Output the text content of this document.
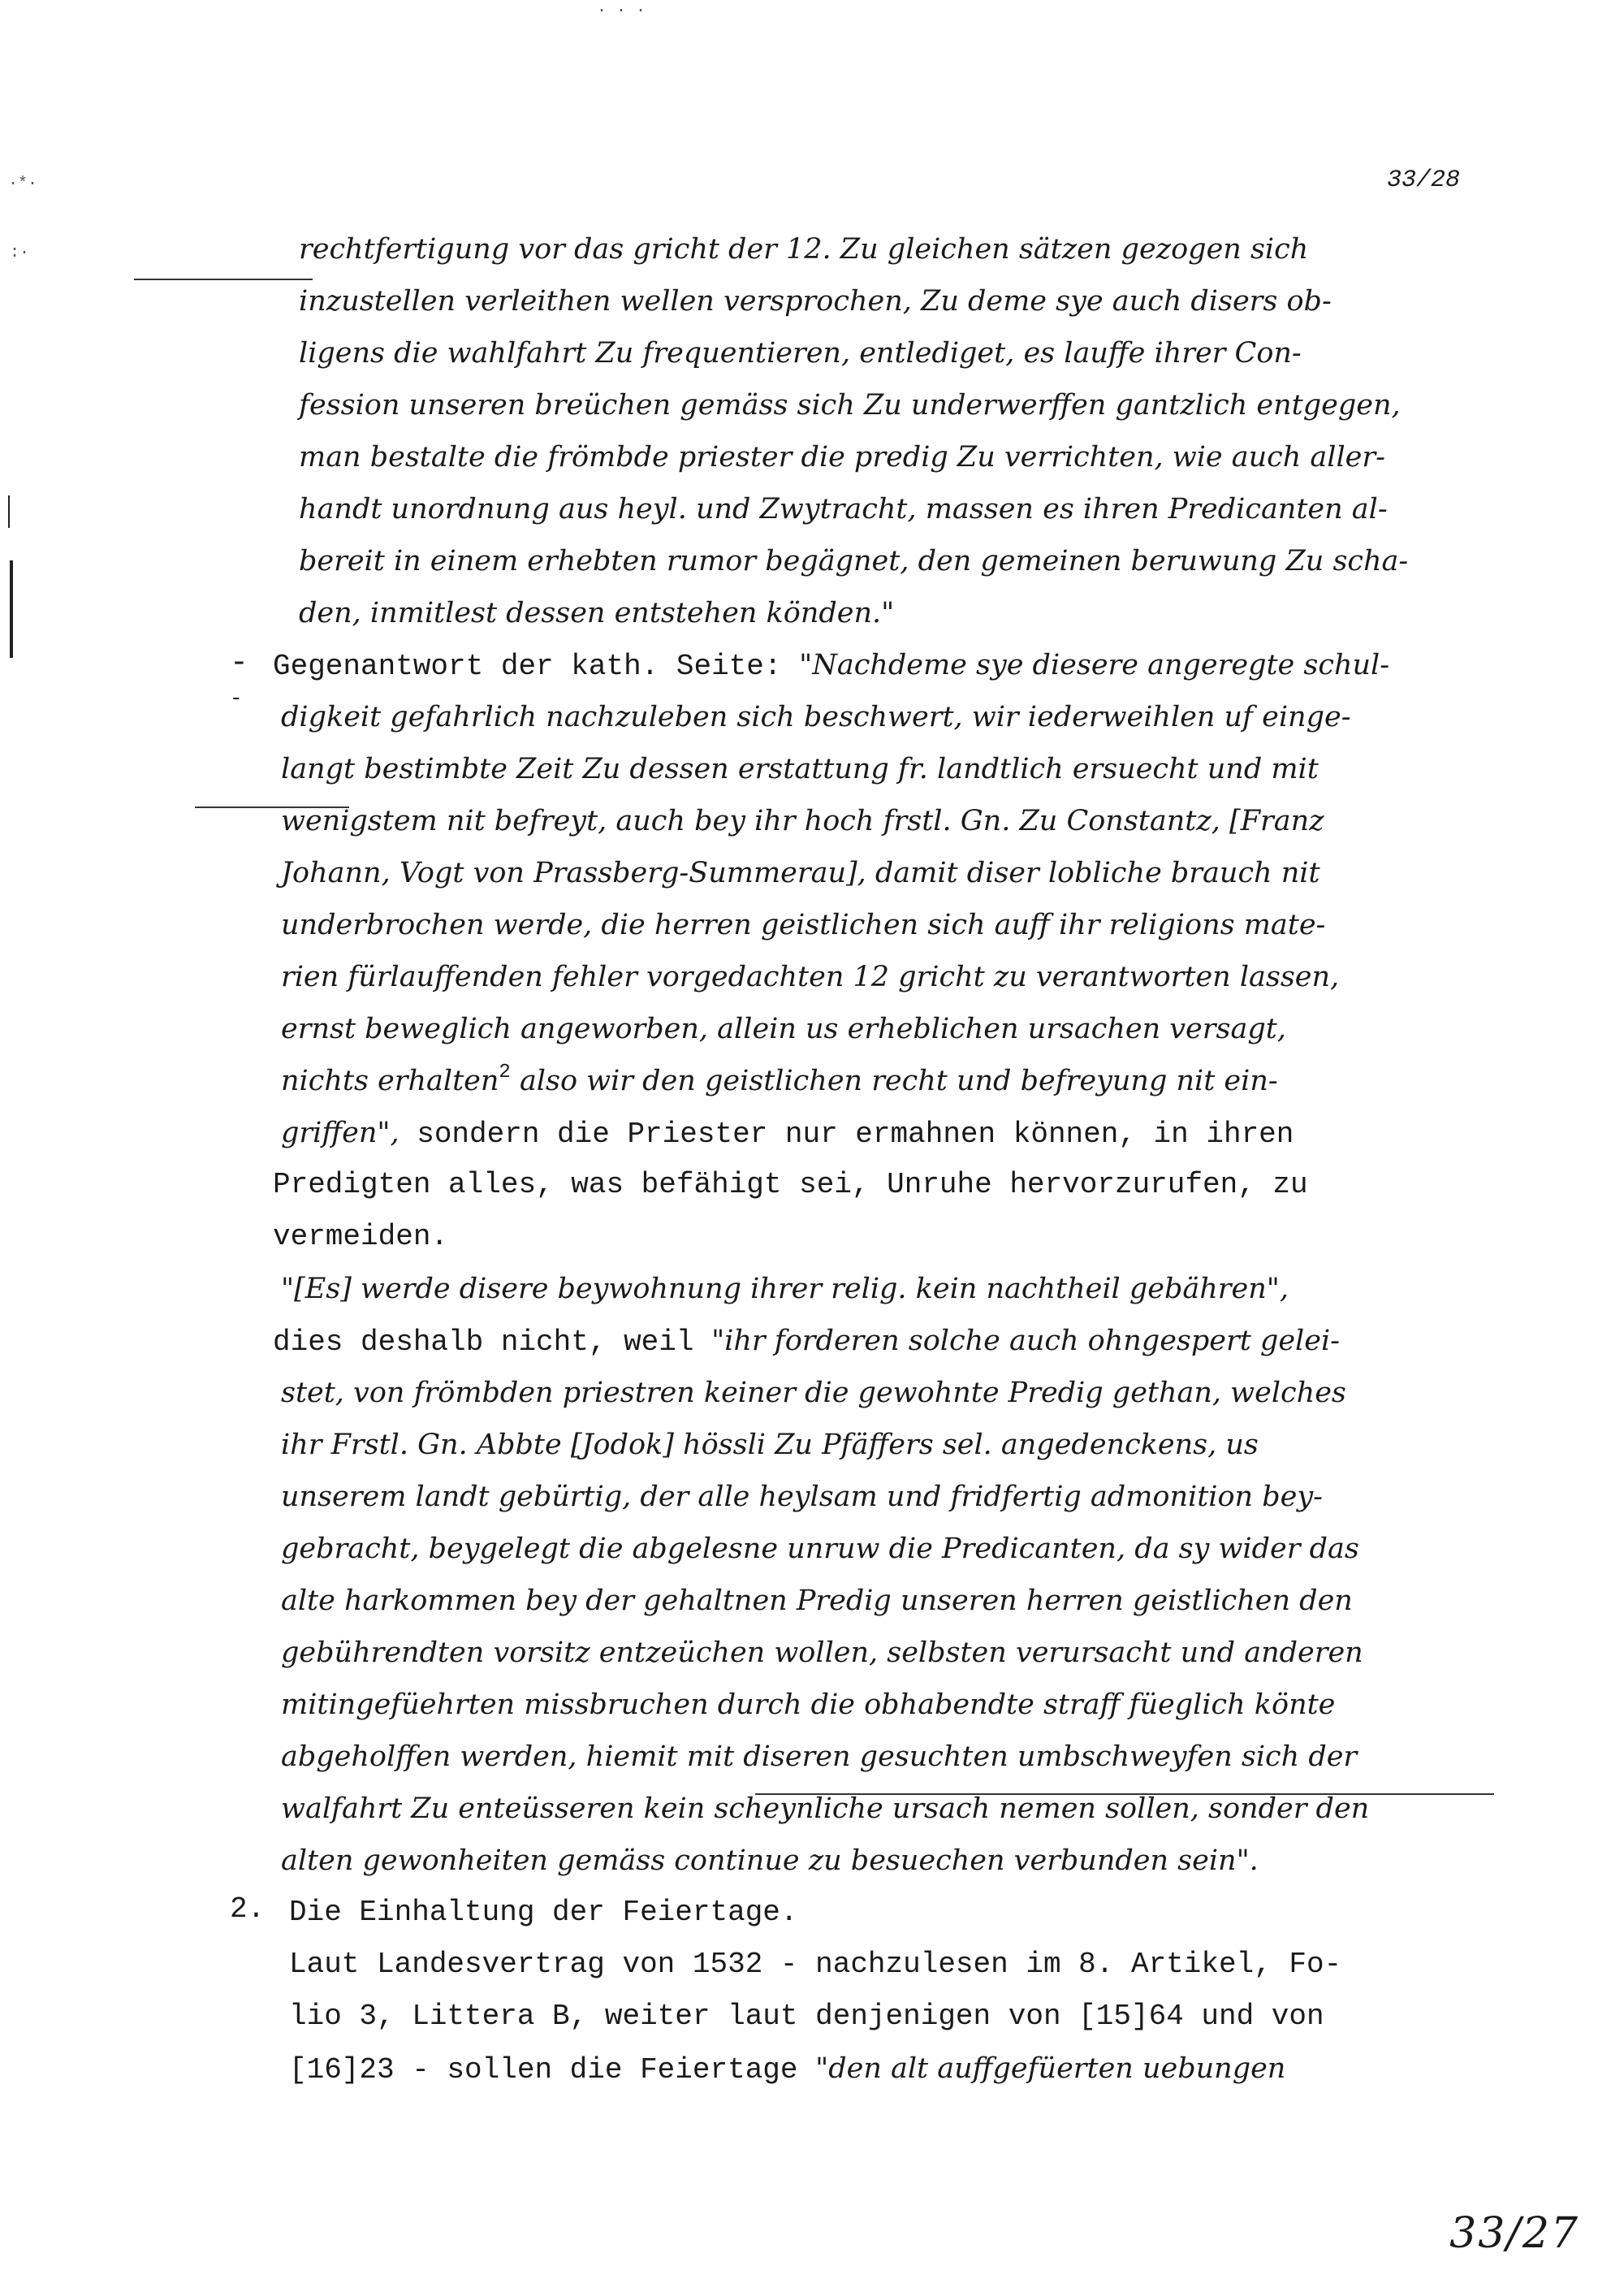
33/28
· · ·
·*·
:·
-
-
2.
rechtfertigung vor das gricht der 12. Zu gleichen sätzen gezogen sich
inzustellen verleithen wellen versprochen, Zu deme sye auch disers ob-
ligens die wahlfahrt Zu frequentieren, entlediget, es lauffe ihrer Con-
fession unseren breüchen gemäss sich Zu underwerffen gantzlich entgegen,
man bestalte die frömbde priester die predig Zu verrichten, wie auch aller-
handt unordnung aus heyl. und Zwytracht, massen es ihren Predicanten al-
bereit in einem erhebten rumor begägnet, den gemeinen beruwung Zu scha-
den, inmitlest dessen entstehen könden."
Gegenantwort der kath. Seite: "Nachdeme sye diesere angeregte schul-
digkeit gefahrlich nachzuleben sich beschwert, wir iederweihlen uf einge-
langt bestimbte Zeit Zu dessen erstattung fr. landtlich ersuecht und mit
wenigstem nit befreyt, auch bey ihr hoch frstl. Gn. Zu Constantz, [Franz
Johann, Vogt von Prassberg-Summerau], damit diser lobliche brauch nit
underbrochen werde, die herren geistlichen sich auff ihr religions mate-
rien fürlauffenden fehler vorgedachten 12 gricht zu verantworten lassen,
ernst beweglich angeworben, allein us erheblichen ursachen versagt,
nichts erhalten$^2$ also wir den geistlichen recht und befreyung nit ein-
griffen", sondern die Priester nur ermahnen können, in ihren
Predigten alles, was befähigt sei, Unruhe hervorzurufen, zu
vermeiden.
"[Es] werde disere beywohnung ihrer relig. kein nachtheil gebähren",
dies deshalb nicht, weil "ihr forderen solche auch ohngespert gelei-
stet, von frömbden priestren keiner die gewohnte Predig gethan, welches
ihr Frstl. Gn. Abbte [Jodok] hössli Zu Pfäffers sel. angedenckens, us
unserem landt gebürtig, der alle heylsam und fridfertig admonition bey-
gebracht, beygelegt die abgelesne unruw die Predicanten, da sy wider das
alte harkommen bey der gehaltnen Predig unseren herren geistlichen den
gebührendten vorsitz entzeüchen wollen, selbsten verursacht und anderen
mitingefüehrten missbruchen durch die obhabendte straff füeglich könte
abgeholffen werden, hiemit mit diseren gesuchten umbschweyfen sich der
walfahrt Zu enteüsseren kein scheynliche ursach nemen sollen, sonder den
alten gewonheiten gemäss continue zu besuechen verbunden sein".
Die Einhaltung der Feiertage.
Laut Landesvertrag von 1532 - nachzulesen im 8. Artikel, Fo-
lio 3, Littera B, weiter laut denjenigen von [15]64 und von
[16]23 - sollen die Feiertage "den alt auffgefüerten uebungen
33/27
